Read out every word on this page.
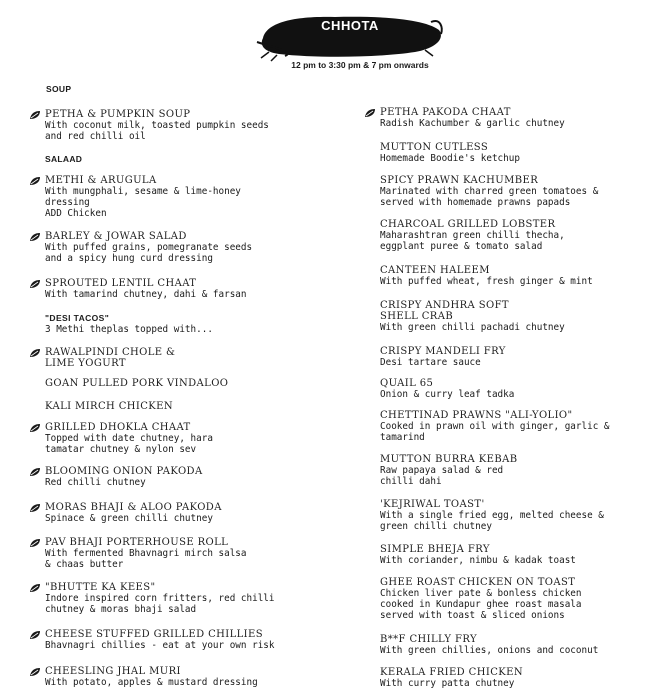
CHHOTA
12 pm to 3:30 pm & 7 pm onwards
SOUP
PETHA & PUMPKIN SOUP
With coconut milk, toasted pumpkin seeds
and red chilli oil
SALAAD
METHI & ARUGULA
With mungphali, sesame & lime-honey
dressing
ADD Chicken
BARLEY & JOWAR SALAD
With puffed grains, pomegranate seeds
and a spicy hung curd dressing
SPROUTED LENTIL CHAAT
With tamarind chutney, dahi & farsan
"DESI TACOS"
3 Methi theplas topped with...
RAWALPINDI CHOLE &
LIME YOGURT
GOAN PULLED PORK VINDALOO
KALI MIRCH CHICKEN
GRILLED DHOKLA CHAAT
Topped with date chutney, hara
tamatar chutney & nylon sev
BLOOMING ONION PAKODA
Red chilli chutney
MORAS BHAJI & ALOO PAKODA
Spinace & green chilli chutney
PAV BHAJI PORTERHOUSE ROLL
With fermented Bhavnagri mirch salsa
& chaas butter
"BHUTTE KA KEES"
Indore inspired corn fritters, red chilli
chutney & moras bhaji salad
CHEESE STUFFED GRILLED CHILLIES
Bhavnagri chillies - eat at your own risk
CHEESLING JHAL MURI
With potato, apples & mustard dressing
PETHA PAKODA CHAAT
Radish Kachumber & garlic chutney
MUTTON CUTLESS
Homemade Boodie's ketchup
SPICY PRAWN KACHUMBER
Marinated with charred green tomatoes &
served with homemade prawns papads
CHARCOAL GRILLED LOBSTER
Maharashtran green chilli thecha,
eggplant puree & tomato salad
CANTEEN HALEEM
With puffed wheat, fresh ginger & mint
CRISPY ANDHRA SOFT
SHELL CRAB
With green chilli pachadi chutney
CRISPY MANDELI FRY
Desi tartare sauce
QUAIL 65
Onion & curry leaf tadka
CHETTINAD PRAWNS "ALI-YOLIO"
Cooked in prawn oil with ginger, garlic &
tamarind
MUTTON BURRA KEBAB
Raw papaya salad & red
chilli dahi
'KEJRIWAL TOAST'
With a single fried egg, melted cheese &
green chilli chutney
SIMPLE BHEJA FRY
With coriander, nimbu & kadak toast
GHEE ROAST CHICKEN ON TOAST
Chicken liver pate & bonless chicken
cooked in Kundapur ghee roast masala
served with toast & sliced onions
B**F CHILLY FRY
With green chillies, onions and coconut
KERALA FRIED CHICKEN
With curry patta chutney
